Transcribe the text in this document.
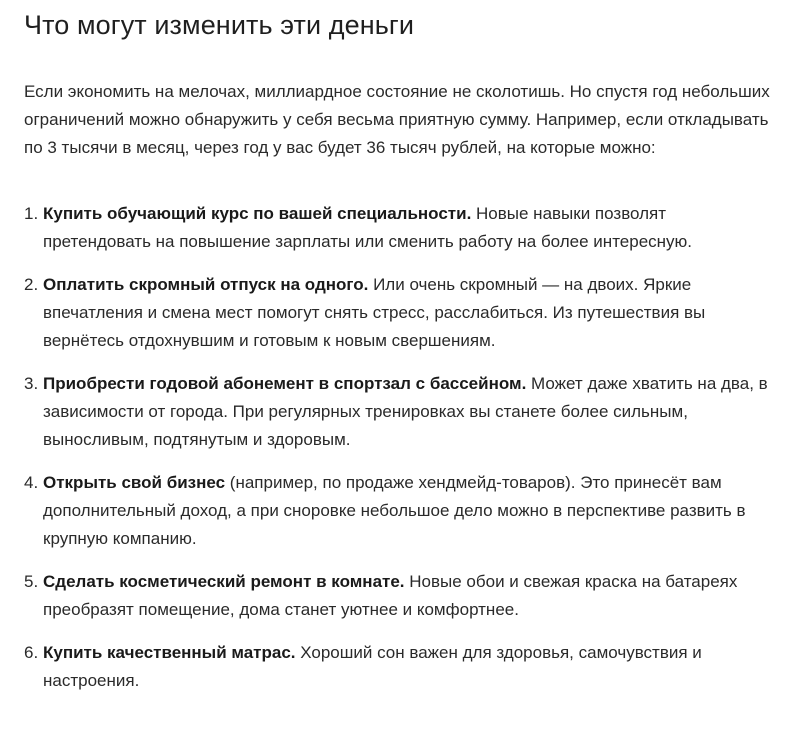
Что могут изменить эти деньги

Если экономить на мелочах, миллиардное состояние не сколотишь. Но спустя год небольших ограничений можно обнаружить у себя весьма приятную сумму. Например, если откладывать по 3 тысячи в месяц, через год у вас будет 36 тысяч рублей, на которые можно:

1. Купить обучающий курс по вашей специальности. Новые навыки позволят претендовать на повышение зарплаты или сменить работу на более интересную.
2. Оплатить скромный отпуск на одного. Или очень скромный — на двоих. Яркие впечатления и смена мест помогут снять стресс, расслабиться. Из путешествия вы вернётесь отдохнувшим и готовым к новым свершениям.
3. Приобрести годовой абонемент в спортзал с бассейном. Может даже хватить на два, в зависимости от города. При регулярных тренировках вы станете более сильным, выносливым, подтянутым и здоровым.
4. Открыть свой бизнес (например, по продаже хендмейд-товаров). Это принесёт вам дополнительный доход, а при сноровке небольшое дело можно в перспективе развить в крупную компанию.
5. Сделать косметический ремонт в комнате. Новые обои и свежая краска на батареях преобразят помещение, дома станет уютнее и комфортнее.
6. Купить качественный матрас. Хороший сон важен для здоровья, самочувствия и настроения.
